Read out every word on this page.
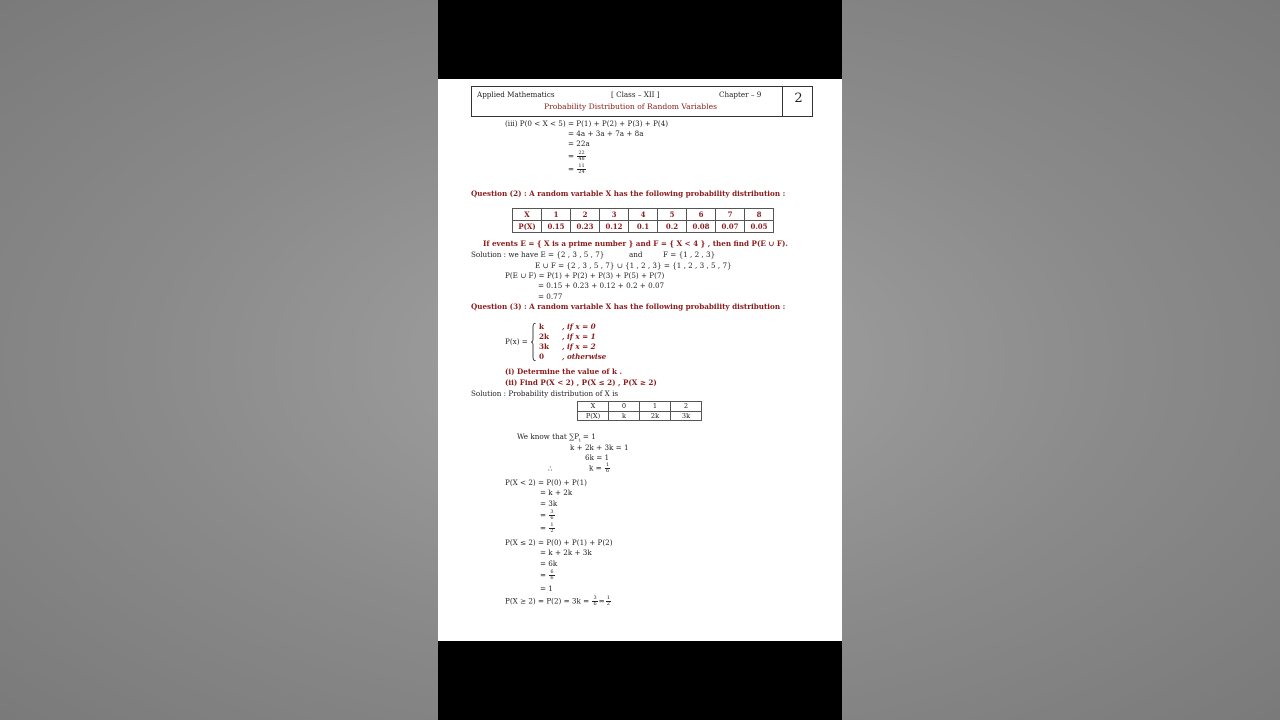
Applied Mathematics	[ Class – XII ]	Chapter – 9
Probability Distribution of Random Variables
2
(iii) P(0 < X < 5) = P(1) + P(2) + P(3) + P(4)
= 4a + 3a + 7a + 8a
= 22a
= $\frac{22}{48}$
= $\frac{11}{24}$
Question (2) : A random variable X has the following probability distribution :
X	1	2	3	4	5	6	7	8
P(X)	0.15	0.23	0.12	0.1	0.2	0.08	0.07	0.05
If events E = { X is a prime number } and F = { X < 4 } , then find P(E ∪ F).
Solution : we have E = {2 , 3 , 5 , 7}	and	F = {1 , 2 , 3}
E ∪ F = {2 , 3 , 5 , 7} ∪ {1 , 2 , 3} = {1 , 2 , 3 , 5 , 7}
P(E ∪ F) = P(1) + P(2) + P(3) + P(5) + P(7)
= 0.15 + 0.23 + 0.12 + 0.2 + 0.07
= 0.77
Question (3) : A random variable X has the following probability distribution :
P(x) =
k	, if x = 0
2k , if x = 1
3k , if x = 2
0 , otherwise
(i) Determine the value of k .
(ii) Find P(X < 2) , P(X ≤ 2) , P(X ≥ 2)
Solution : Probability distribution of X is
X	0	1	2
P(X)	k	2k	3k
We know that $\sum P_i = 1$
k + 2k + 3k = 1
6k = 1
∴	$k = \frac{1}{6}$
P(X < 2) = P(0) + P(1)
= k + 2k
= 3k
= $\frac{3}{6}$
= $\frac{1}{2}$
P(X ≤ 2) = P(0) + P(1) + P(2)
= k + 2k + 3k
= 6k
= $\frac{6}{6}$
= 1
$P(X \ge 2) = P(2) = 3k = \frac{3}{6} = \frac{1}{2}$
